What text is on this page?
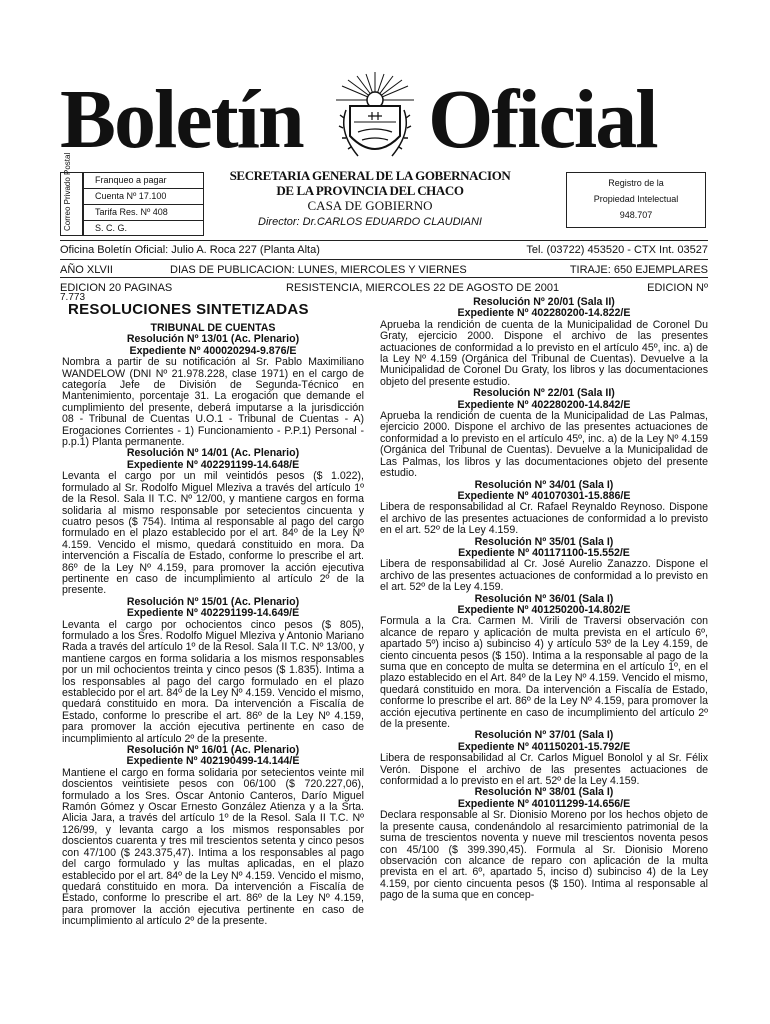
Boletín Oficial
Correo Privado Postal	Franqueo a pagar
Cuenta Nº 17.100
Tarifa Res. Nº 408
S. C. G.
SECRETARIA GENERAL DE LA GOBERNACION
DE LA PROVINCIA DEL CHACO
CASA DE GOBIERNO
Director: Dr.CARLOS EDUARDO CLAUDIANI
Registro de la
Propiedad Intelectual
948.707
Oficina Boletín Oficial: Julio A. Roca 227 (Planta Alta)	Tel. (03722) 453520 - CTX Int. 03527
AÑO XLVII	DIAS DE PUBLICACION: LUNES, MIERCOLES Y VIERNES	TIRAJE: 650 EJEMPLARES
EDICION 20 PAGINAS	RESISTENCIA, MIERCOLES 22 DE AGOSTO DE 2001	EDICION Nº
7.773
RESOLUCIONES SINTETIZADAS

TRIBUNAL DE CUENTAS

Resolución Nº 13/01 (Ac. Plenario)

Expediente Nº 400020294-9.876/E

Nombra a partir de su notificación al Sr. Pablo Maximiliano WANDELOW (DNI Nº 21.978.228, clase 1971) en el cargo de categoría Jefe de División de Segunda-Técnico en Mantenimiento, porcentaje 31. La erogación que demande el cumplimiento del presente, deberá imputarse a la jurisdicción 08 - Tribunal de Cuentas U.O.1 - Tribunal de Cuentas - A) Erogaciones Corrientes - 1) Funcionamiento - P.P.1) Personal - p.p.1) Planta permanente.

Resolución Nº 14/01 (Ac. Plenario)

Expediente Nº 402291199-14.648/E

Levanta el cargo por un mil veintidós pesos ($ 1.022), formulado al Sr. Rodolfo Miguel Mleziva a través del artículo 1º de la Resol. Sala II T.C. Nº 12/00, y mantiene cargos en forma solidaria al mismo responsable por setecientos cincuenta y cuatro pesos ($ 754). Intima al responsable al pago del cargo formulado en el plazo establecido por el art. 84º de la Ley Nº 4.159. Vencido el mismo, quedará constituido en mora. Da intervención a Fiscalía de Estado, conforme lo prescribe el art. 86º de la Ley Nº 4.159, para promover la acción ejecutiva pertinente en caso de incumplimiento al artículo 2º de la presente.

Resolución Nº 15/01 (Ac. Plenario)

Expediente Nº 402291199-14.649/E

Levanta el cargo por ochocientos cinco pesos ($ 805), formulado a los Sres. Rodolfo Miguel Mleziva y Antonio Mariano Rada a través del artículo 1º de la Resol. Sala II T.C. Nº 13/00, y mantiene cargos en forma solidaria a los mismos responsables por un mil ochocientos treinta y cinco pesos ($ 1.835). Intima a los responsables al pago del cargo formulado en el plazo establecido por el art. 84º de la Ley Nº 4.159. Vencido el mismo, quedará constituido en mora. Da intervención a Fiscalía de Estado, conforme lo prescribe el art. 86º de la Ley Nº 4.159, para promover la acción ejecutiva pertinente en caso de incumplimiento al artículo 2º de la presente.

Resolución Nº 16/01 (Ac. Plenario)

Expediente Nº 402190499-14.144/E

Mantiene el cargo en forma solidaria por setecientos veinte mil doscientos veintisiete pesos con 06/100 ($ 720.227,06), formulado a los Sres. Oscar Antonio Canteros, Darío Miguel Ramón Gómez y Oscar Ernesto González Atienza y a la Srta. Alicia Jara, a través del artículo 1º de la Resol. Sala II T.C. Nº 126/99, y levanta cargo a los mismos responsables por doscientos cuarenta y tres mil trescientos setenta y cinco pesos con 47/100 ($ 243.375,47). Intima a los responsables al pago del cargo formulado y las multas aplicadas, en el plazo establecido por el art. 84º de la Ley Nº 4.159. Vencido el mismo, quedará constituido en mora. Da intervención a Fiscalía de Estado, conforme lo prescribe el art. 86º de la Ley Nº 4.159, para promover la acción ejecutiva pertinente en caso de incumplimiento al artículo 2º de la presente.

Resolución Nº 20/01 (Sala II)

Expediente Nº 402280200-14.822/E

Aprueba la rendición de cuenta de la Municipalidad de Coronel Du Graty, ejercicio 2000. Dispone el archivo de las presentes actuaciones de conformidad a lo previsto en el artículo 45º, inc. a) de la Ley Nº 4.159 (Orgánica del Tribunal de Cuentas). Devuelve a la Municipalidad de Coronel Du Graty, los libros y las documentaciones objeto del presente estudio.

Resolución Nº 22/01 (Sala II)

Expediente Nº 402280200-14.842/E

Aprueba la rendición de cuenta de la Municipalidad de Las Palmas, ejercicio 2000. Dispone el archivo de las presentes actuaciones de conformidad a lo previsto en el artículo 45º, inc. a) de la Ley Nº 4.159 (Orgánica del Tribunal de Cuentas). Devuelve a la Municipalidad de Las Palmas, los libros y las documentaciones objeto del presente estudio.

Resolución Nº 34/01 (Sala I)

Expediente Nº 401070301-15.886/E

Libera de responsabilidad al Cr. Rafael Reynaldo Reynoso. Dispone el archivo de las presentes actuaciones de conformidad a lo previsto en el art. 52º de la Ley 4.159.

Resolución Nº 35/01 (Sala I)

Expediente Nº 401171100-15.552/E

Libera de responsabilidad al Cr. José Aurelio Zanazzo. Dispone el archivo de las presentes actuaciones de conformidad a lo previsto en el art. 52º de la Ley 4.159.

Resolución Nº 36/01 (Sala I)

Expediente Nº 401250200-14.802/E

Formula a la Cra. Carmen M. Virili de Traversi observación con alcance de reparo y aplicación de multa prevista en el artículo 6º, apartado 5º) inciso a) subinciso 4) y artículo 53º de la Ley 4.159, de ciento cincuenta pesos ($ 150). Intima a la responsable al pago de la suma que en concepto de multa se determina en el artículo 1º, en el plazo establecido en el Art. 84º de la Ley Nº 4.159. Vencido el mismo, quedará constituido en mora. Da intervención a Fiscalía de Estado, conforme lo prescribe el art. 86º de la Ley Nº 4.159, para promover la acción ejecutiva pertinente en caso de incumplimiento del artículo 2º de la presente.

Resolución Nº 37/01 (Sala I)

Expediente Nº 401150201-15.792/E

Libera de responsabilidad al Cr. Carlos Miguel Bonolol y al Sr. Félix Verón. Dispone el archivo de las presentes actuaciones de conformidad a lo previsto en el art. 52º de la Ley 4.159.

Resolución Nº 38/01 (Sala I)

Expediente Nº 401011299-14.656/E

Declara responsable al Sr. Dionisio Moreno por los hechos objeto de la presente causa, condenándolo al resarcimiento patrimonial de la suma de trescientos noventa y nueve mil trescientos noventa pesos con 45/100 ($ 399.390,45). Formula al Sr. Dionisio Moreno observación con alcance de reparo con aplicación de la multa prevista en el art. 6º, apartado 5, inciso d) subinciso 4) de la Ley 4.159, por ciento cincuenta pesos ($ 150). Intima al responsable al pago de la suma que en concep-
